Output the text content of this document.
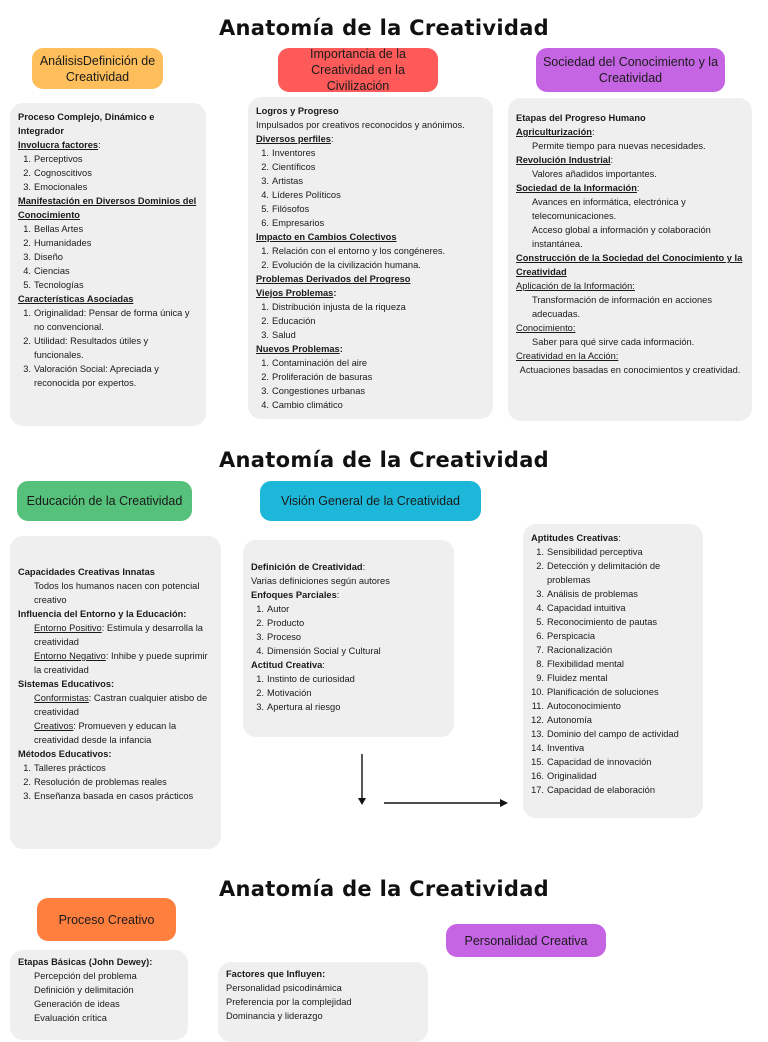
Anatomía de la Creatividad
Anatomía de la Creatividad
Anatomía de la Creatividad
AnálisisDefinición de Creatividad
Importancia de la Creatividad en la Civilización
Sociedad del Conocimiento y la Creatividad

Proceso Complejo, Dinámico e Integrador

Involucra factores:

1. Perceptivos
2. Cognoscitivos
3. Emocionales

Manifestación en Diversos Dominios del Conocimiento

1. Bellas Artes
2. Humanidades
3. Diseño
4. Ciencias
5. Tecnologías

Características Asociadas

1. Originalidad: Pensar de forma única y no convencional.
2. Utilidad: Resultados útiles y funcionales.
3. Valoración Social: Apreciada y reconocida por expertos.

Logros y Progreso

Impulsados por creativos reconocidos y anónimos.

Diversos perfiles:

1. Inventores
2. Científicos
3. Artistas
4. Líderes Políticos
5. Filósofos
6. Empresarios

Impacto en Cambios Colectivos

1. Relación con el entorno y los congéneres.
2. Evolución de la civilización humana.

Problemas Derivados del Progreso

Viejos Problemas:

1. Distribución injusta de la riqueza
2. Educación
3. Salud

Nuevos Problemas:

1. Contaminación del aire
2. Proliferación de basuras
3. Congestiones urbanas
4. Cambio climático

Etapas del Progreso Humano

Agriculturización:

Permite tiempo para nuevas necesidades.

Revolución Industrial:

Valores añadidos importantes.

Sociedad de la Información:

Avances en informática, electrónica y telecomunicaciones.

Acceso global a información y colaboración instantánea.

Construcción de la Sociedad del Conocimiento y la Creatividad

Aplicación de la Información:

Transformación de información en acciones adecuadas.

Conocimiento:

Saber para qué sirve cada información.

Creatividad en la Acción:

Actuaciones basadas en conocimientos y creatividad.

Educación de la Creatividad	Visión General de la Creatividad

Capacidades Creativas Innatas

Todos los humanos nacen con potencial creativo

Influencia del Entorno y la Educación:

Entorno Positivo: Estimula y desarrolla la creatividad

Entorno Negativo: Inhibe y puede suprimir la creatividad

Sistemas Educativos:

Conformistas: Castran cualquier atisbo de creatividad

Creativos: Promueven y educan la creatividad desde la infancia

Métodos Educativos:

1. Talleres prácticos
2. Resolución de problemas reales
3. Enseñanza basada en casos prácticos

Definición de Creatividad:

Varias definiciones según autores

Enfoques Parciales:

1. Autor
2. Producto
3. Proceso
4. Dimensión Social y Cultural

Actitud Creativa:

1. Instinto de curiosidad
2. Motivación
3. Apertura al riesgo

Aptitudes Creativas:

1. Sensibilidad perceptiva
2. Detección y delimitación de problemas
3. Análisis de problemas
4. Capacidad intuitiva
5. Reconocimiento de pautas
6. Perspicacia
7. Racionalización
8. Flexibilidad mental
9. Fluidez mental
10. Planificación de soluciones
11. Autoconocimiento
12. Autonomía
13. Dominio del campo de actividad
14. Inventiva
15. Capacidad de innovación
16. Originalidad
17. Capacidad de elaboración
Proceso Creativo
Personalidad Creativa

Etapas Básicas (John Dewey):

Percepción del problema

Definición y delimitación

Generación de ideas

Evaluación crítica

Factores que Influyen:

Personalidad psicodinámica

Preferencia por la complejidad

Dominancia y liderazgo
